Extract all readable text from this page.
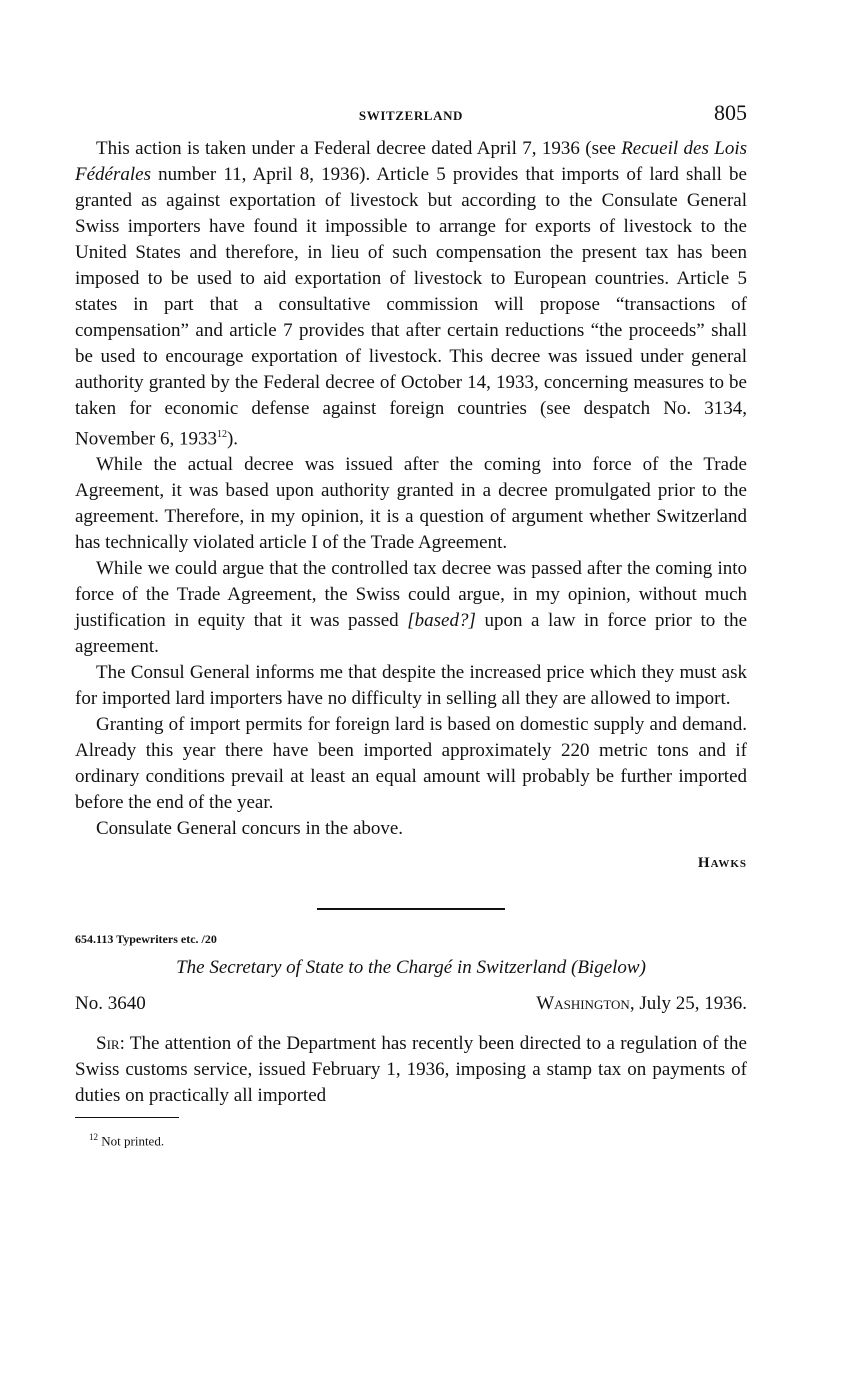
SWITZERLAND	805

This action is taken under a Federal decree dated April 7, 1936 (see Recueil des Lois Fédérales number 11, April 8, 1936). Article 5 provides that imports of lard shall be granted as against exportation of livestock but according to the Consulate General Swiss importers have found it impossible to arrange for exports of livestock to the United States and therefore, in lieu of such compensation the present tax has been imposed to be used to aid exportation of livestock to European countries. Article 5 states in part that a consultative commission will propose “transactions of compensation” and article 7 provides that after certain reductions “the proceeds” shall be used to encourage exportation of livestock. This decree was issued under general authority granted by the Federal decree of October 14, 1933, concerning measures to be taken for economic defense against foreign countries (see despatch No. 3134, November 6, 1933$^{12}$).

While the actual decree was issued after the coming into force of the Trade Agreement, it was based upon authority granted in a decree promulgated prior to the agreement. Therefore, in my opinion, it is a question of argument whether Switzerland has technically violated article I of the Trade Agreement.

While we could argue that the controlled tax decree was passed after the coming into force of the Trade Agreement, the Swiss could argue, in my opinion, without much justification in equity that it was passed [based?] upon a law in force prior to the agreement.

The Consul General informs me that despite the increased price which they must ask for imported lard importers have no difficulty in selling all they are allowed to import.

Granting of import permits for foreign lard is based on domestic supply and demand. Already this year there have been imported approximately 220 metric tons and if ordinary conditions prevail at least an equal amount will probably be further imported before the end of the year.

Consulate General concurs in the above.

Hawks
654.113 Typewriters etc. /20
The Secretary of State to the Chargé in Switzerland (Bigelow)
No. 3640	Washington, July 25, 1936.
Sir: The attention of the Department has recently been directed to a regulation of the Swiss customs service, issued February 1, 1936, imposing a stamp tax on payments of duties on practically all imported
$^{12}$ Not printed.
